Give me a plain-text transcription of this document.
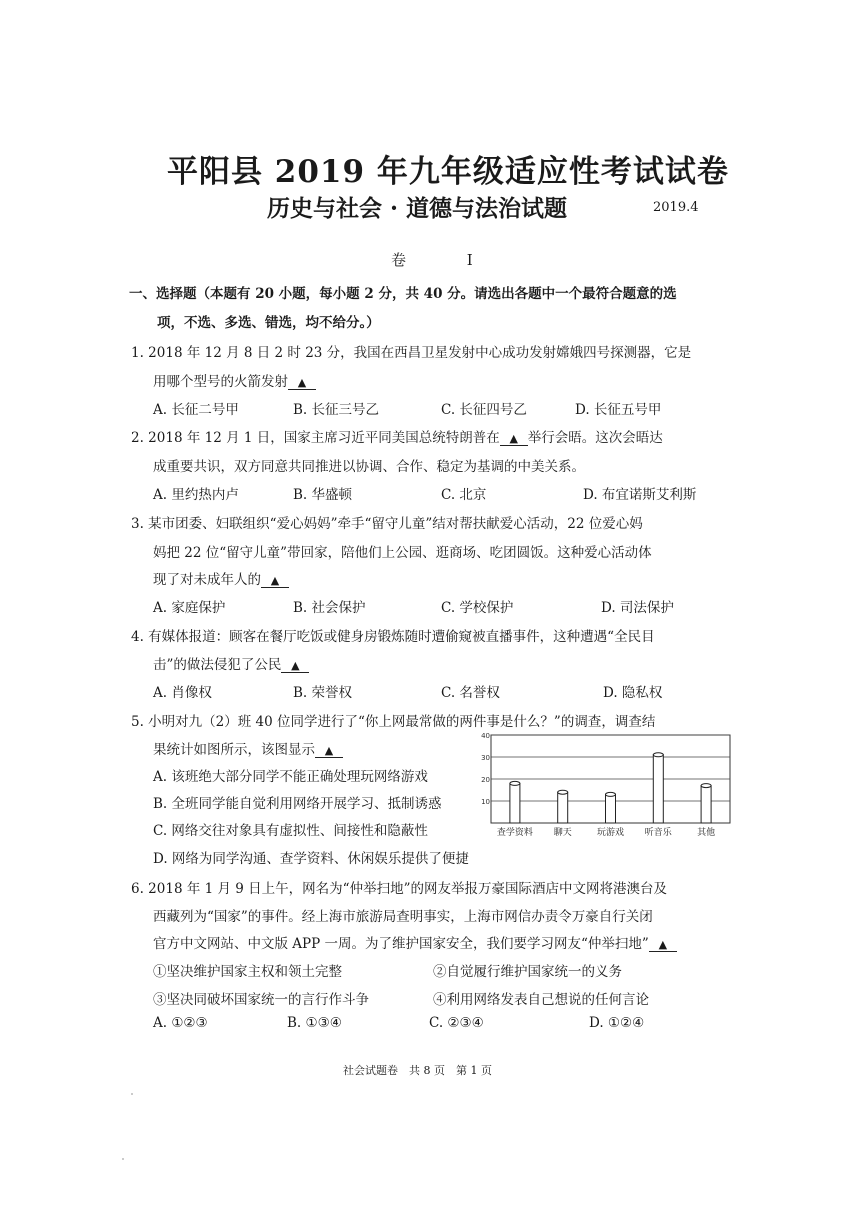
平阳县 2019 年九年级适应性考试试卷
历史与社会 · 道德与法治试题	2019.4
卷 Ⅰ
一、选择题（本题有 20 小题，每小题 2 分，共 40 分。请选出各题中一个最符合题意的选
项，不选、多选、错选，均不给分。）
1. 2018 年 12 月 8 日 2 时 23 分，我国在西昌卫星发射中心成功发射嫦娥四号探测器，它是
用哪个型号的火箭发射 ▲
A. 长征二号甲	B. 长征三号乙	C. 长征四号乙	D. 长征五号甲
2. 2018 年 12 月 1 日，国家主席习近平同美国总统特朗普在 ▲ 举行会晤。这次会晤达
成重要共识，双方同意共同推进以协调、合作、稳定为基调的中美关系。
A. 里约热内卢	B. 华盛顿	C. 北京	D. 布宜诺斯艾利斯
3. 某市团委、妇联组织“爱心妈妈”牵手“留守儿童”结对帮扶献爱心活动，22 位爱心妈
妈把 22 位“留守儿童”带回家，陪他们上公园、逛商场、吃团圆饭。这种爱心活动体
现了对未成年人的 ▲
A. 家庭保护	B. 社会保护	C. 学校保护	D. 司法保护
4. 有媒体报道：顾客在餐厅吃饭或健身房锻炼随时遭偷窥被直播事件，这种遭遇“全民目
击”的做法侵犯了公民 ▲
A. 肖像权	B. 荣誉权	C. 名誉权	D. 隐私权
5. 小明对九（2）班 40 位同学进行了“你上网最常做的两件事是什么？”的调查，调查结
果统计如图所示，该图显示 ▲
A. 该班绝大部分同学不能正确处理玩网络游戏
B. 全班同学能自觉利用网络开展学习、抵制诱惑
C. 网络交往对象具有虚拟性、间接性和隐蔽性
D. 网络为同学沟通、查学资料、休闲娱乐提供了便捷
40
30
20
10
查学资料 聊天	玩游戏 听音乐	其他
6. 2018 年 1 月 9 日上午，网名为“仲举扫地”的网友举报万豪国际酒店中文网将港澳台及
西藏列为“国家”的事件。经上海市旅游局查明事实，上海市网信办责令万豪自行关闭
官方中文网站、中文版 APP 一周。为了维护国家安全，我们要学习网友“仲举扫地” ▲
①坚决维护国家主权和领土完整	②自觉履行维护国家统一的义务
③坚决同破坏国家统一的言行作斗争	④利用网络发表自己想说的任何言论
A. ①②③	B. ①③④	C. ②③④	D. ①②④
社会试题卷　共 8 页　第 1 页
